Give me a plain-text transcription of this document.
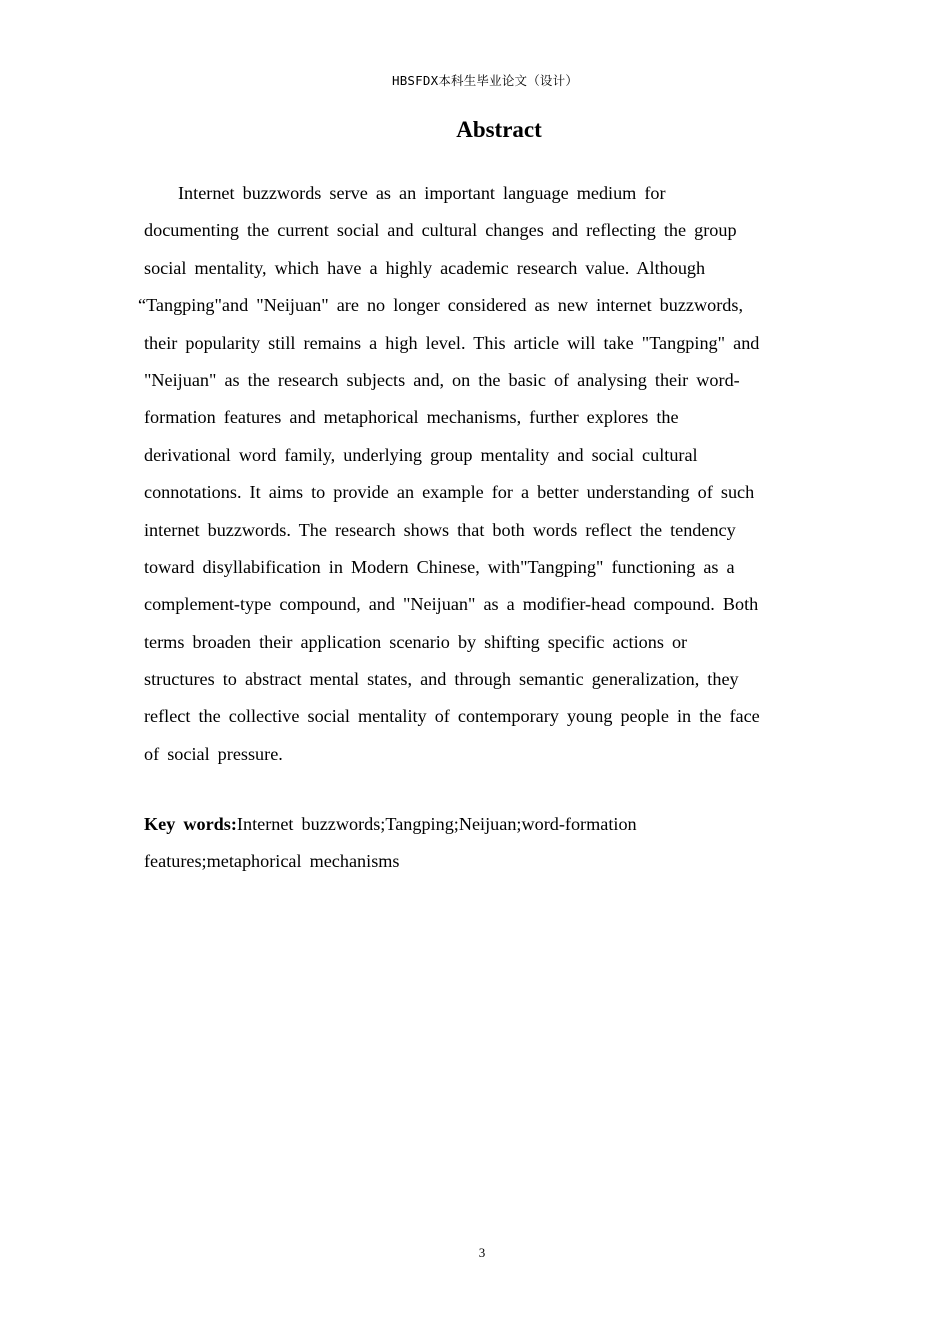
HBSFDX本科生毕业论文（设计）
Abstract
Internet buzzwords serve as an important language medium for
documenting the current social and cultural changes and reflecting the group
social mentality, which have a highly academic research value. Although
“Tangping"and "Neijuan" are no longer considered as new internet buzzwords,
their popularity still remains a high level. This article will take "Tangping" and
"Neijuan" as the research subjects and, on the basic of analysing their word-
formation features and metaphorical mechanisms, further explores the
derivational word family, underlying group mentality and social cultural
connotations. It aims to provide an example for a better understanding of such
internet buzzwords. The research shows that both words reflect the tendency
toward disyllabification in Modern Chinese, with"Tangping" functioning as a
complement-type compound, and "Neijuan" as a modifier-head compound. Both
terms broaden their application scenario by shifting specific actions or
structures to abstract mental states, and through semantic generalization, they
reflect the collective social mentality of contemporary young people in the face
of social pressure.
Key words:Internet buzzwords;Tangping;Neijuan;word-formation
features;metaphorical mechanisms
3
